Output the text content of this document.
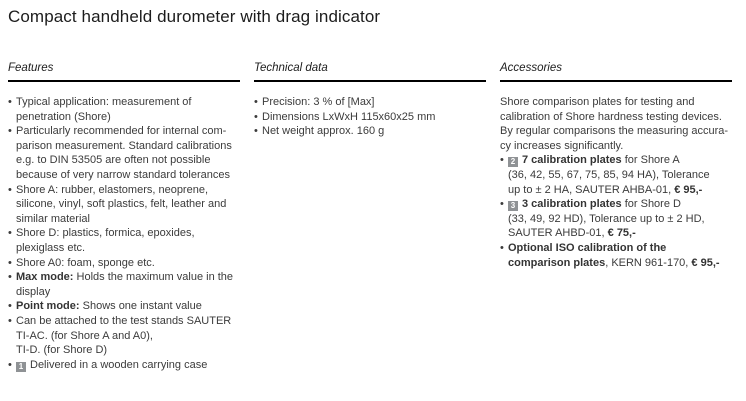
Compact handheld durometer with drag indicator
Features
• Typical application: measurement of
penetration (Shore)
• Particularly recommended for internal com-
parison measurement. Standard calibrations
e.g. to DIN 53505 are often not possible
because of very narrow standard tolerances
• Shore A: rubber, elastomers, neoprene,
silicone, vinyl, soft plastics, felt, leather and
similar material
• Shore D: plastics, formica, epoxides,
plexiglass etc.
• Shore A0: foam, sponge etc.
• Max mode: Holds the maximum value in the
display
• Point mode: Shows one instant value
• Can be attached to the test stands SAUTER
TI-AC. (for Shore A and A0),
TI-D. (for Shore D)
• 1 Delivered in a wooden carrying case
Technical data
• Precision: 3 % of [Max]
• Dimensions LxWxH 115x60x25 mm
• Net weight approx. 160 g
Accessories
Shore comparison plates for testing and
calibration of Shore hardness testing devices.
By regular comparisons the measuring accura-
cy increases significantly.
• 2 7 calibration plates for Shore A
(36, 42, 55, 67, 75, 85, 94 HA), Tolerance
up to ± 2 HA, SAUTER AHBA-01, € 95,-
• 3 3 calibration plates for Shore D
(33, 49, 92 HD), Tolerance up to ± 2 HD,
SAUTER AHBD-01, € 75,-
• Optional ISO calibration of the
comparison plates, KERN 961-170, € 95,-
